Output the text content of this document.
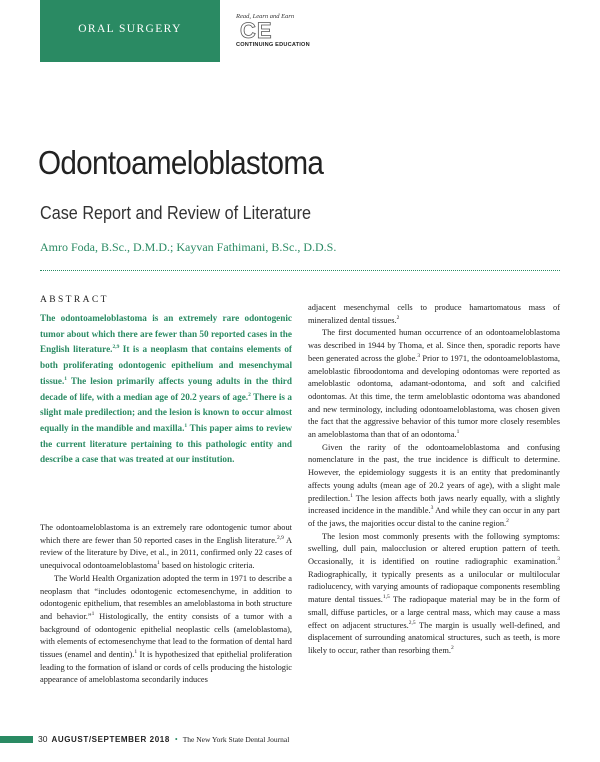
ORAL SURGERY
Read, Learn and Earn
CE
CONTINUING EDUCATION
Odontoameloblastoma
Case Report and Review of Literature
Amro Foda, B.Sc., D.M.D.; Kayvan Fathimani, B.Sc., D.D.S.
ABSTRACT
The odontoameloblastoma is an extremely rare odontogenic tumor about which there are fewer than 50 reported cases in the English literature.$^{2,9}$ It is a neoplasm that contains elements of both proliferating odontogenic epithelium and mesenchymal tissue.$^1$ The lesion primarily affects young adults in the third decade of life, with a median age of 20.2 years of age.$^2$ There is a slight male predilection; and the lesion is known to occur almost equally in the mandible and maxilla.$^1$ This paper aims to review the current literature pertaining to this pathologic entity and describe a case that was treated at our institution.

The odontoameloblastoma is an extremely rare odontogenic tumor about which there are fewer than 50 reported cases in the English literature.$^{2,9}$ A review of the literature by Dive, et al., in 2011, confirmed only 22 cases of unequivocal odontoameloblastoma$^1$ based on histologic criteria.

The World Health Organization adopted the term in 1971 to describe a neoplasm that “includes odontogenic ectomesenchyme, in addition to odontogenic epithelium, that resembles an ameloblastoma in both structure and behavior.”$^1$ Histologically, the entity consists of a tumor with a background of odontogenic epithelial neoplastic cells (ameloblastoma), with elements of ectomesenchyme that lead to the formation of dental hard tissues (enamel and dentin).$^1$ It is hypothesized that epithelial proliferation leading to the formation of island or cords of cells producing the histologic appearance of ameloblastoma secondarily induces

adjacent mesenchymal cells to produce hamartomatous mass of mineralized dental tissues.$^2$

The first documented human occurrence of an odontoameloblastoma was described in 1944 by Thoma, et al. Since then, sporadic reports have been generated across the globe.$^3$ Prior to 1971, the odontoameloblastoma, ameloblastic fibroodontoma and developing odontomas were reported as ameloblastic odontoma, adamant-odontoma, and soft and calcified odontomas. At this time, the term ameloblastic odontoma was abandoned and new terminology, including odontoameloblastoma, was chosen given the fact that the aggressive behavior of this tumor more closely resembles an ameloblastoma than that of an odontoma.$^1$

Given the rarity of the odontoameloblastoma and confusing nomenclature in the past, the true incidence is difficult to determine. However, the epidemiology suggests it is an entity that predominantly affects young adults (mean age of 20.2 years of age), with a slight male predilection.$^1$ The lesion affects both jaws nearly equally, with a slightly increased incidence in the mandible.$^3$ And while they can occur in any part of the jaws, the majorities occur distal to the canine region.$^2$

The lesion most commonly presents with the following symptoms: swelling, dull pain, malocclusion or altered eruption pattern of teeth. Occasionally, it is identified on routine radiographic examination.$^3$ Radiographically, it typically presents as a unilocular or multilocular radiolucency, with varying amounts of radiopaque components resembling mature dental tissues.$^{1,5}$ The radiopaque material may be in the form of small, diffuse particles, or a large central mass, which may cause a mass effect on adjacent structures.$^{2,5}$ The margin is usually well-defined, and displacement of surrounding anatomical structures, such as teeth, is more likely to occur, rather than resorbing them.$^2$

30 AUGUST/SEPTEMBER 2018 • The New York State Dental Journal
